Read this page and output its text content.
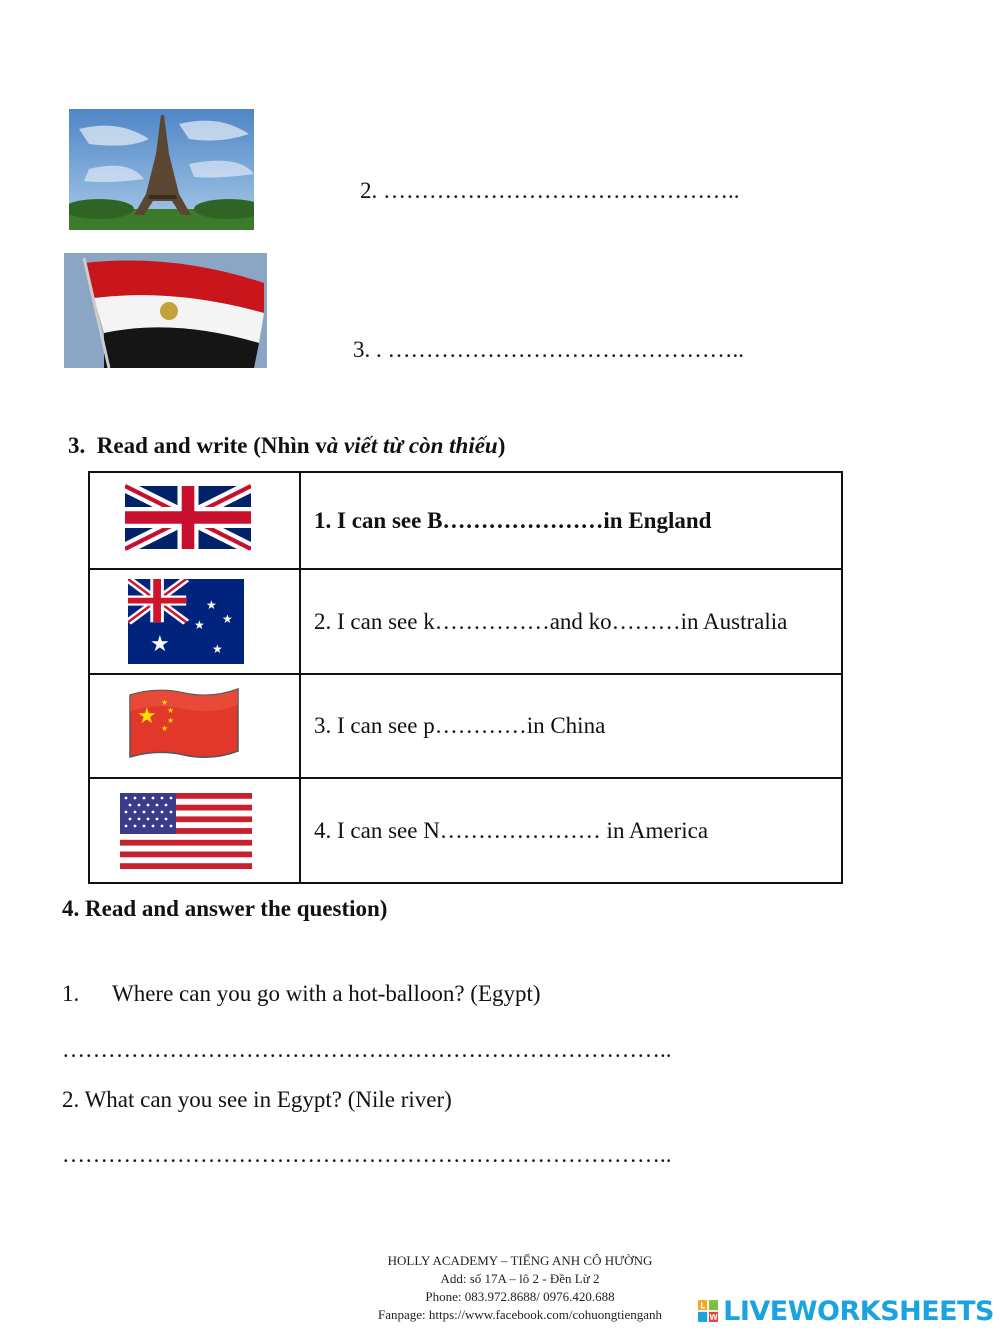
2. ………………………………………..
3. . ………………………………………..
3. Read and write (Nhìn và viết từ còn thiếu)
	1. I can see B…………………in England

★
★
★
★
★	2. I can see k……………and ko………in Australia

★
★
★
★
★	3. I can see p…………in China

	4. I can see N………………… in America
4. Read and answer the question)
1. Where can you go with a hot-balloon? (Egypt)
……………………………………………………………………..
2. What can you see in Egypt? (Nile river)
……………………………………………………………………..
HOLLY ACADEMY – TIẾNG ANH CÔ HƯỜNG
Add: số 17A – lô 2 - Đền Lừ 2
Phone: 083.972.8688/ 0976.420.688
Fanpage: https://www.facebook.com/cohuongtienganh
L
W LIVEWORKSHEETS
